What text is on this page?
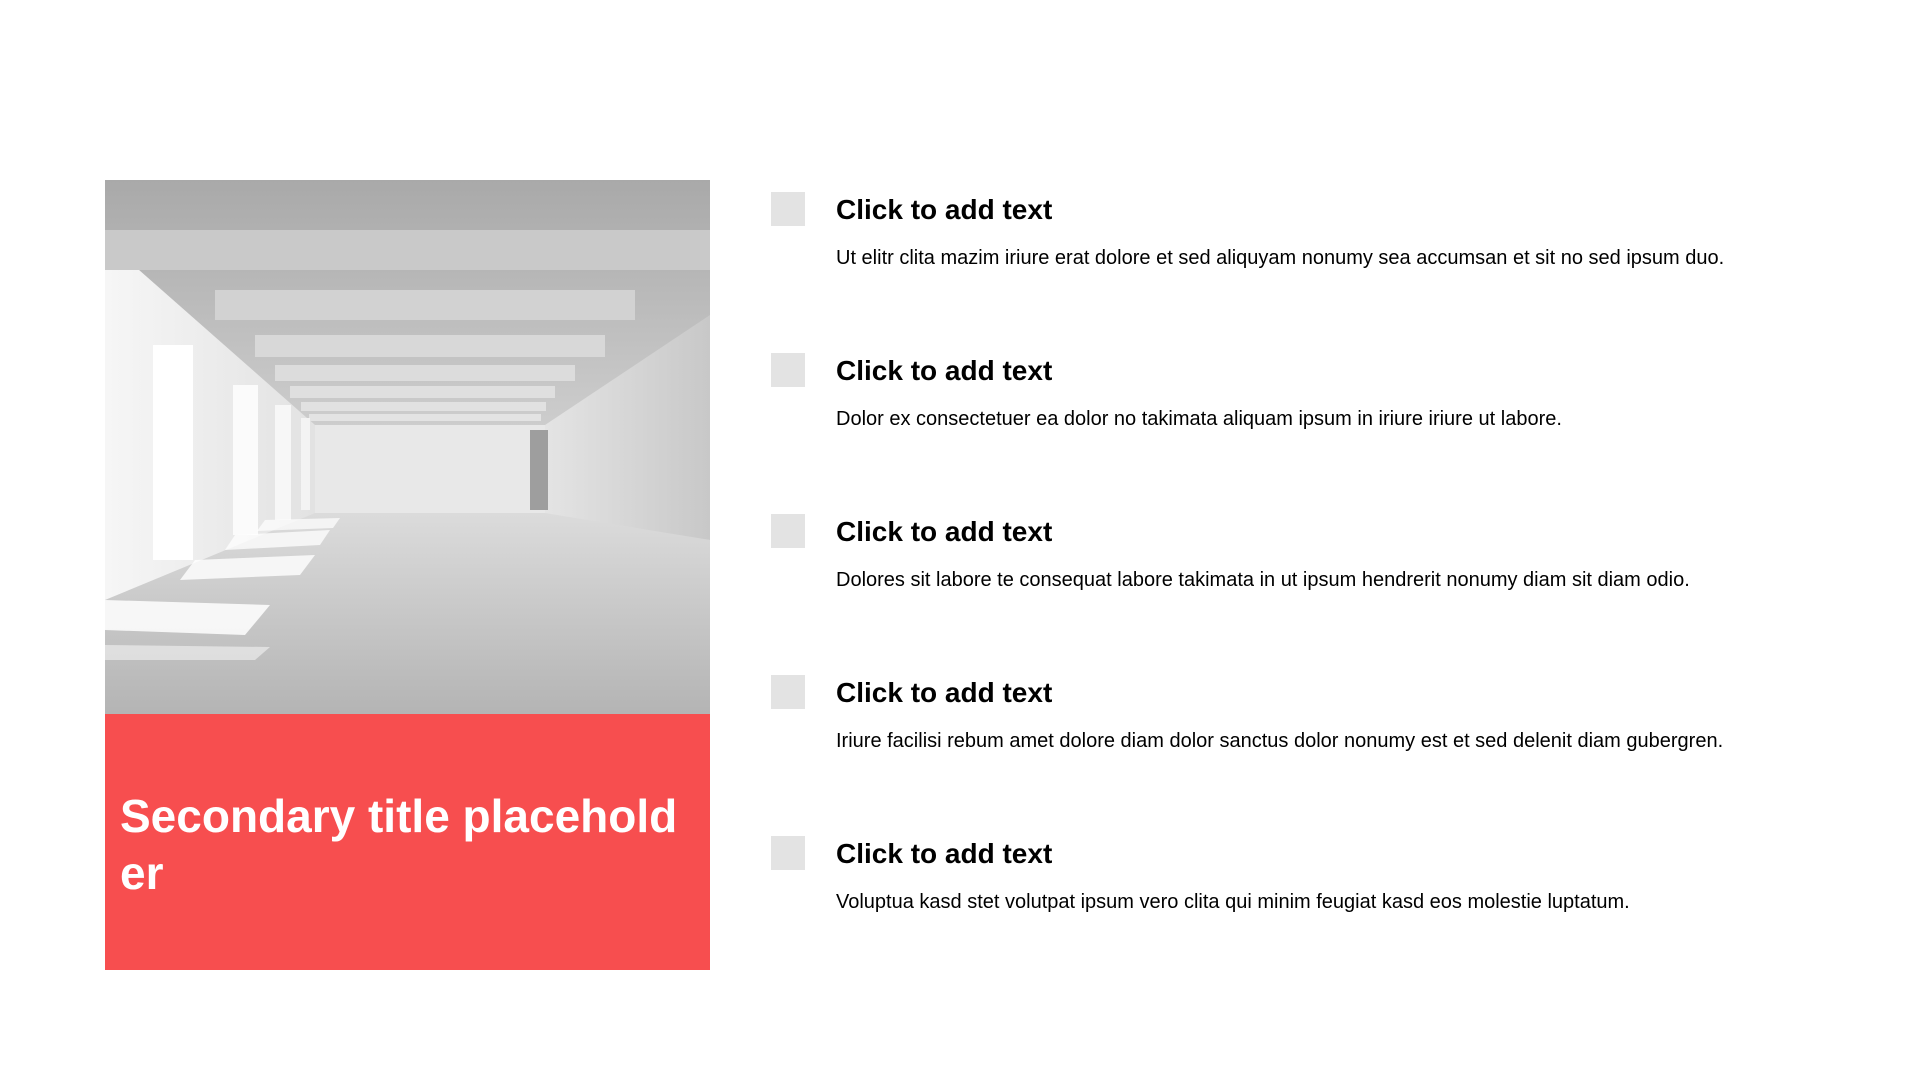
Secondary title placeholder
Click to add text
Ut elitr clita mazim iriure erat dolore et sed aliquyam nonumy sea accumsan et sit no sed ipsum duo.
Click to add text
Dolor ex consectetuer ea dolor no takimata aliquam ipsum in iriure iriure ut labore.
Click to add text
Dolores sit labore te consequat labore takimata in ut ipsum hendrerit nonumy diam sit diam odio.
Click to add text
Iriure facilisi rebum amet dolore diam dolor sanctus dolor nonumy est et sed delenit diam gubergren.
Click to add text
Voluptua kasd stet volutpat ipsum vero clita qui minim feugiat kasd eos molestie luptatum.
